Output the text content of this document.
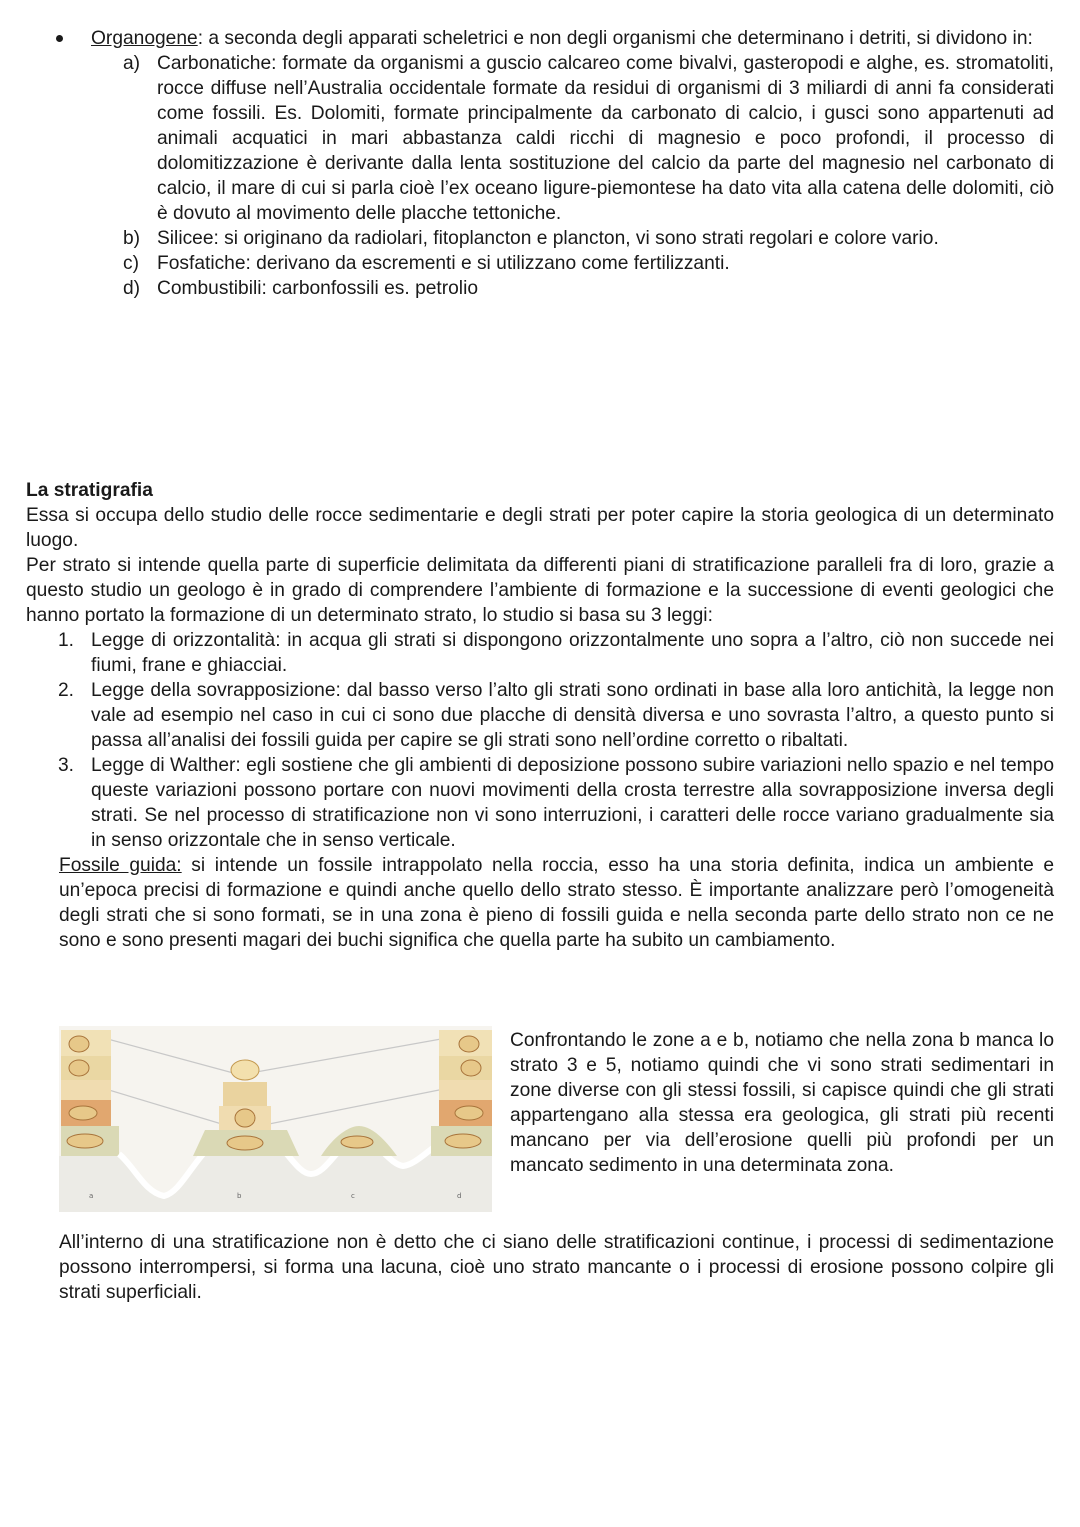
Organogene: a seconda degli apparati scheletrici e non degli organismi che determinano i detriti, si dividono in:
a) Carbonatiche: formate da organismi a guscio calcareo come bivalvi, gasteropodi e alghe, es. stromatoliti, rocce diffuse nell’Australia occidentale formate da residui di organismi di 3 miliardi di anni fa considerati come fossili. Es. Dolomiti, formate principalmente da carbonato di calcio, i gusci sono appartenuti ad animali acquatici in mari abbastanza caldi ricchi di magnesio e poco profondi, il processo di dolomitizzazione è derivante dalla lenta sostituzione del calcio da parte del magnesio nel carbonato di calcio, il mare di cui si parla cioè l’ex oceano ligure-piemontese ha dato vita alla catena delle dolomiti, ciò è dovuto al movimento delle placche tettoniche.
b) Silicee: si originano da radiolari, fitoplancton e plancton, vi sono strati regolari e colore vario.
c) Fosfatiche: derivano da escrementi e si utilizzano come fertilizzanti.
d) Combustibili: carbonfossili es. petrolio
La stratigrafia
Essa si occupa dello studio delle rocce sedimentarie e degli strati per poter capire la storia geologica di un determinato luogo.
Per strato si intende quella parte di superficie delimitata da differenti piani di stratificazione paralleli fra di loro, grazie a questo studio un geologo è in grado di comprendere l’ambiente di formazione e la successione di eventi geologici che hanno portato la formazione di un determinato strato, lo studio si basa su 3 leggi:
1. Legge di orizzontalità: in acqua gli strati si dispongono orizzontalmente uno sopra a l’altro, ciò non succede nei fiumi, frane e ghiacciai.
2. Legge della sovrapposizione: dal basso verso l’alto gli strati sono ordinati in base alla loro antichità, la legge non vale ad esempio nel caso in cui ci sono due placche di densità diversa e uno sovrasta l’altro, a questo punto si passa all’analisi dei fossili guida per capire se gli strati sono nell’ordine corretto o ribaltati.
3. Legge di Walther: egli sostiene che gli ambienti di deposizione possono subire variazioni nello spazio e nel tempo queste variazioni possono portare con nuovi movimenti della crosta terrestre alla sovrapposizione inversa degli strati. Se nel processo di stratificazione non vi sono interruzioni, i caratteri delle rocce variano gradualmente sia in senso orizzontale che in senso verticale.
Fossile guida: si intende un fossile intrappolato nella roccia, esso ha una storia definita, indica un ambiente e un’epoca precisi di formazione e quindi anche quello dello strato stesso. È importante analizzare però l’omogeneità degli strati che si sono formati, se in una zona è pieno di fossili guida e nella seconda parte dello strato non ce ne sono e sono presenti magari dei buchi significa che quella parte ha subito un cambiamento.
a	b	c	d
Confrontando le zone a e b, notiamo che nella zona b manca lo strato 3 e 5, notiamo quindi che vi sono strati sedimentari in zone diverse con gli stessi fossili, si capisce quindi che gli strati appartengano alla stessa era geologica, gli strati più recenti mancano per via dell’erosione quelli più profondi per un mancato sedimento in una determinata zona.
All’interno di una stratificazione non è detto che ci siano delle stratificazioni continue, i processi di sedimentazione possono interrompersi, si forma una lacuna, cioè uno strato mancante o i processi di erosione possono colpire gli strati superficiali.
